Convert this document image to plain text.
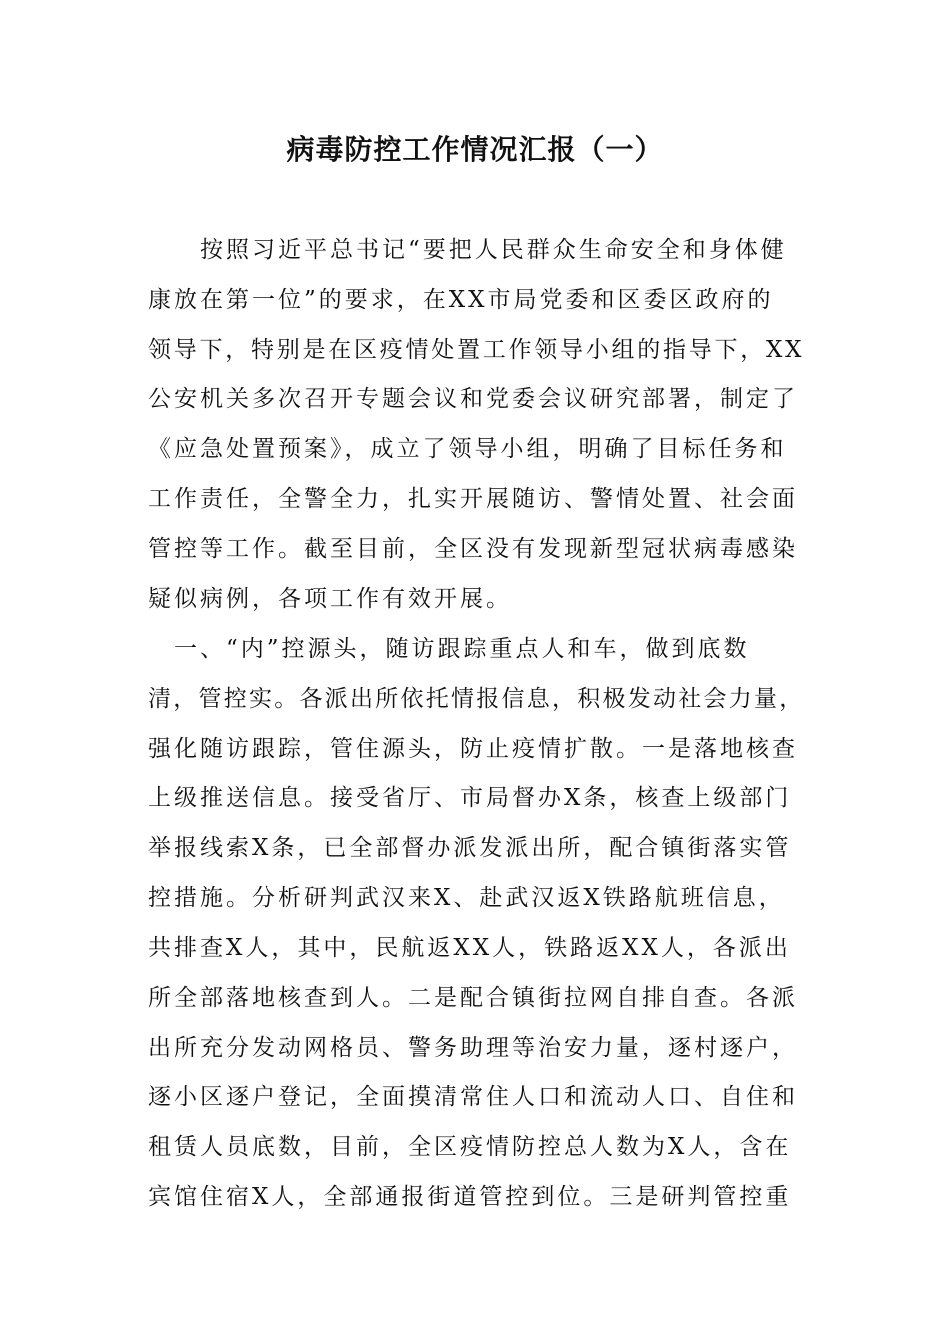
病毒防控工作情况汇报（一）
　　按照习近平总书记“要把人民群众生命安全和身体健
康放在第一位”的要求，在XX市局党委和区委区政府的
领导下，特别是在区疫情处置工作领导小组的指导下，XX
公安机关多次召开专题会议和党委会议研究部署，制定了
《应急处置预案》，成立了领导小组，明确了目标任务和
工作责任，全警全力，扎实开展随访、警情处置、社会面
管控等工作。截至目前，全区没有发现新型冠状病毒感染
疑似病例，各项工作有效开展。
　一、“内”控源头，随访跟踪重点人和车，做到底数
清，管控实。各派出所依托情报信息，积极发动社会力量，
强化随访跟踪，管住源头，防止疫情扩散。一是落地核查
上级推送信息。接受省厅、市局督办X条，核查上级部门
举报线索X条，已全部督办派发派出所，配合镇街落实管
控措施。分析研判武汉来X、赴武汉返X铁路航班信息，
共排查X人，其中，民航返XX人，铁路返XX人，各派出
所全部落地核查到人。二是配合镇街拉网自排自查。各派
出所充分发动网格员、警务助理等治安力量，逐村逐户，
逐小区逐户登记，全面摸清常住人口和流动人口、自住和
租赁人员底数，目前，全区疫情防控总人数为X人，含在
宾馆住宿X人，全部通报街道管控到位。三是研判管控重
